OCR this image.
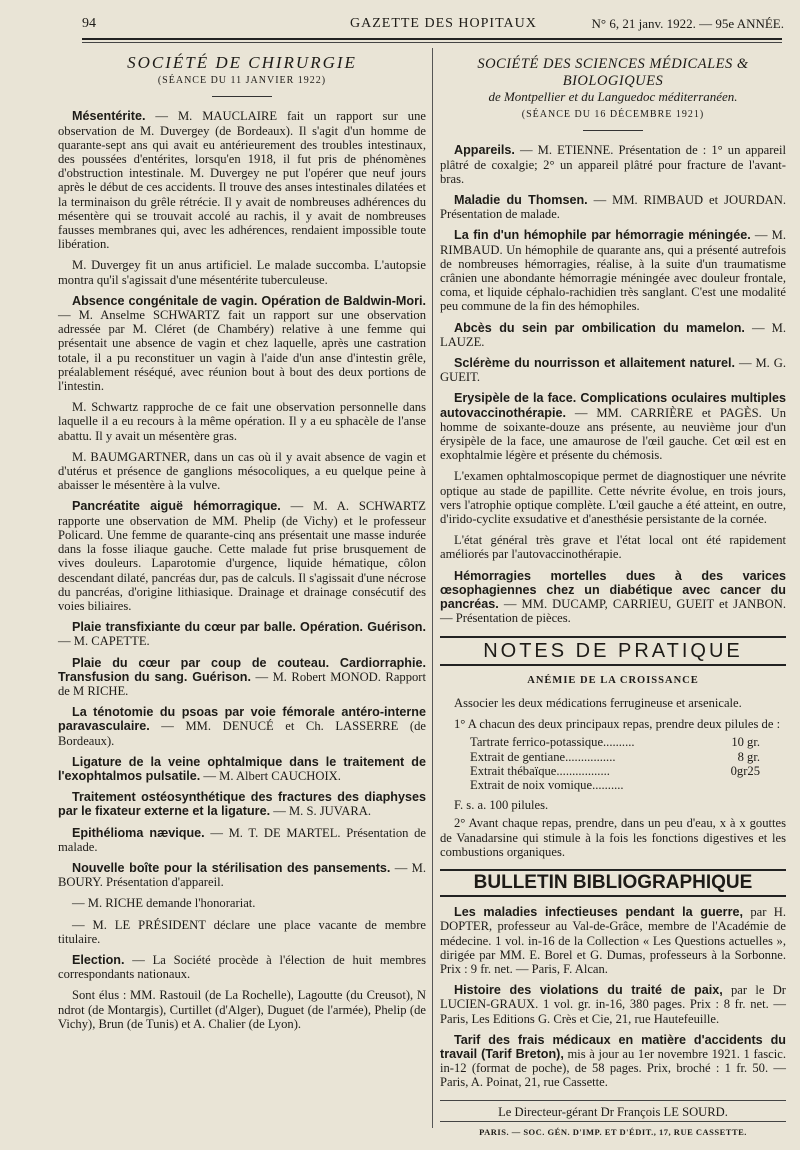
94	GAZETTE DES HOPITAUX	N° 6, 21 janv. 1922. — 95e ANNÉE.
SOCIÉTÉ DE CHIRURGIE
(SÉANCE DU 11 JANVIER 1922)

Mésentérite. — M. MAUCLAIRE fait un rapport sur une observation de M. Duvergey (de Bordeaux). Il s'agit d'un homme de quarante-sept ans qui avait eu antérieurement des troubles intestinaux, des poussées d'entérites, lorsqu'en 1918, il fut pris de phénomènes d'obstruction intestinale. M. Duvergey ne put l'opérer que neuf jours après le début de ces accidents. Il trouve des anses intestinales dilatées et la terminaison du grêle rétrécie. Il y avait de nombreuses adhérences du mésentère qui se trouvait accolé au rachis, il y avait de nombreuses fausses membranes qui, avec les adhérences, rendaient impossible toute libération.

M. Duvergey fit un anus artificiel. Le malade succomba. L'autopsie montra qu'il s'agissait d'une mésentérite tuberculeuse.

Absence congénitale de vagin. Opération de Baldwin-Mori. — M. Anselme SCHWARTZ fait un rapport sur une observation adressée par M. Cléret (de Chambéry) relative à une femme qui présentait une absence de vagin et chez laquelle, après une castration totale, il a pu reconstituer un vagin à l'aide d'un anse d'intestin grêle, préalablement réséqué, avec réunion bout à bout des deux portions de l'intestin.

M. Schwartz rapproche de ce fait une observation personnelle dans laquelle il a eu recours à la même opération. Il y a eu sphacèle de l'anse abattu. Il y avait un mésentère gras.

M. BAUMGARTNER, dans un cas où il y avait absence de vagin et d'utérus et présence de ganglions mésocoliques, a eu quelque peine à abaisser le mésentère à la vulve.

Pancréatite aiguë hémorragique. — M. A. SCHWARTZ rapporte une observation de MM. Phelip (de Vichy) et le professeur Policard. Une femme de quarante-cinq ans présentait une masse indurée dans la fosse iliaque gauche. Cette malade fut prise brusquement de vives douleurs. Laparotomie d'urgence, liquide hématique, côlon descendant dilaté, pancréas dur, pas de calculs. Il s'agissait d'une nécrose du pancréas, d'origine lithiasique. Drainage et drainage consécutif des voies biliaires.

Plaie transfixiante du cœur par balle. Opération. Guérison. — M. CAPETTE.

Plaie du cœur par coup de couteau. Cardiorraphie. Transfusion du sang. Guérison. — M. Robert MONOD. Rapport de M RICHE.

La ténotomie du psoas par voie fémorale antéro-interne paravasculaire. — MM. DENUCÉ et Ch. LASSERRE (de Bordeaux).

Ligature de la veine ophtalmique dans le traitement de l'exophtalmos pulsatile. — M. Albert CAUCHOIX.

Traitement ostéosynthétique des fractures des diaphyses par le fixateur externe et la ligature. — M. S. JUVARA.

Epithélioma nævique. — M. T. DE MARTEL. Présentation de malade.

Nouvelle boîte pour la stérilisation des pansements. — M. BOURY. Présentation d'appareil.

— M. RICHE demande l'honorariat.

— M. LE PRÉSIDENT déclare une place vacante de membre titulaire.

Election. — La Société procède à l'élection de huit membres correspondants nationaux.

Sont élus : MM. Rastouil (de La Rochelle), Lagoutte (du Creusot), N ndrot (de Montargis), Curtillet (d'Alger), Duguet (de l'armée), Phelip (de Vichy), Brun (de Tunis) et A. Chalier (de Lyon).

SOCIÉTÉ DES SCIENCES MÉDICALES & BIOLOGIQUES
de Montpellier et du Languedoc méditerranéen.
(SÉANCE DU 16 DÉCEMBRE 1921)

Appareils. — M. ETIENNE. Présentation de : 1° un appareil plâtré de coxalgie; 2° un appareil plâtré pour fracture de l'avant-bras.

Maladie du Thomsen. — MM. RIMBAUD et JOURDAN. Présentation de malade.

La fin d'un hémophile par hémorragie méningée. — M. RIMBAUD. Un hémophile de quarante ans, qui a présenté autrefois de nombreuses hémorragies, réalise, à la suite d'un traumatisme crânien une abondante hémorragie méningée avec douleur frontale, coma, et liquide céphalo-rachidien très sanglant. C'est une modalité peu commune de la fin des hémophiles.

Abcès du sein par ombilication du mamelon. — M. LAUZE.

Sclérème du nourrisson et allaitement naturel. — M. G. GUEIT.

Erysipèle de la face. Complications oculaires multiples autovaccinothérapie. — MM. CARRIÈRE et PAGÈS. Un homme de soixante-douze ans présente, au neuvième jour d'un érysipèle de la face, une amaurose de l'œil gauche. Cet œil est en exophtalmie légère et présente du chémosis.

L'examen ophtalmoscopique permet de diagnostiquer une névrite optique au stade de papillite. Cette névrite évolue, en trois jours, vers l'atrophie optique complète. L'œil gauche a été atteint, en outre, d'irido-cyclite exsudative et d'anesthésie persistante de la cornée.

L'état général très grave et l'état local ont été rapidement améliorés par l'autovaccinothérapie.

Hémorragies mortelles dues à des varices œsophagiennes chez un diabétique avec cancer du pancréas. — MM. DUCAMP, CARRIEU, GUEIT et JANBON. — Présentation de pièces.

NOTES DE PRATIQUE
ANÉMIE DE LA CROISSANCE

Associer les deux médications ferrugineuse et arsenicale.

1° A chacun des deux principaux repas, prendre deux pilules de :

Tartrate ferrico-potassique..........	10 gr.
Extrait de gentiane................	8 gr.
Extrait thébaïque.................	0gr25
Extrait de noix vomique..........

F. s. a. 100 pilules.

2° Avant chaque repas, prendre, dans un peu d'eau, x à x gouttes de Vanadarsine qui stimule à la fois les fonctions digestives et les combustions organiques.

BULLETIN BIBLIOGRAPHIQUE

Les maladies infectieuses pendant la guerre, par H. DOPTER, professeur au Val-de-Grâce, membre de l'Académie de médecine. 1 vol. in-16 de la Collection « Les Questions actuelles », dirigée par MM. E. Borel et G. Dumas, professeurs à la Sorbonne. Prix : 9 fr. net. — Paris, F. Alcan.

Histoire des violations du traité de paix, par le Dr LUCIEN-GRAUX. 1 vol. gr. in-16, 380 pages. Prix : 8 fr. net. — Paris, Les Editions G. Crès et Cie, 21, rue Hautefeuille.

Tarif des frais médicaux en matière d'accidents du travail (Tarif Breton), mis à jour au 1er novembre 1921. 1 fascic. in-12 (format de poche), de 58 pages. Prix, broché : 1 fr. 50. — Paris, A. Poinat, 21, rue Cassette.

Le Directeur-gérant Dr François LE SOURD.
PARIS. — SOC. GÉN. D'IMP. ET D'ÉDIT., 17, RUE CASSETTE.
